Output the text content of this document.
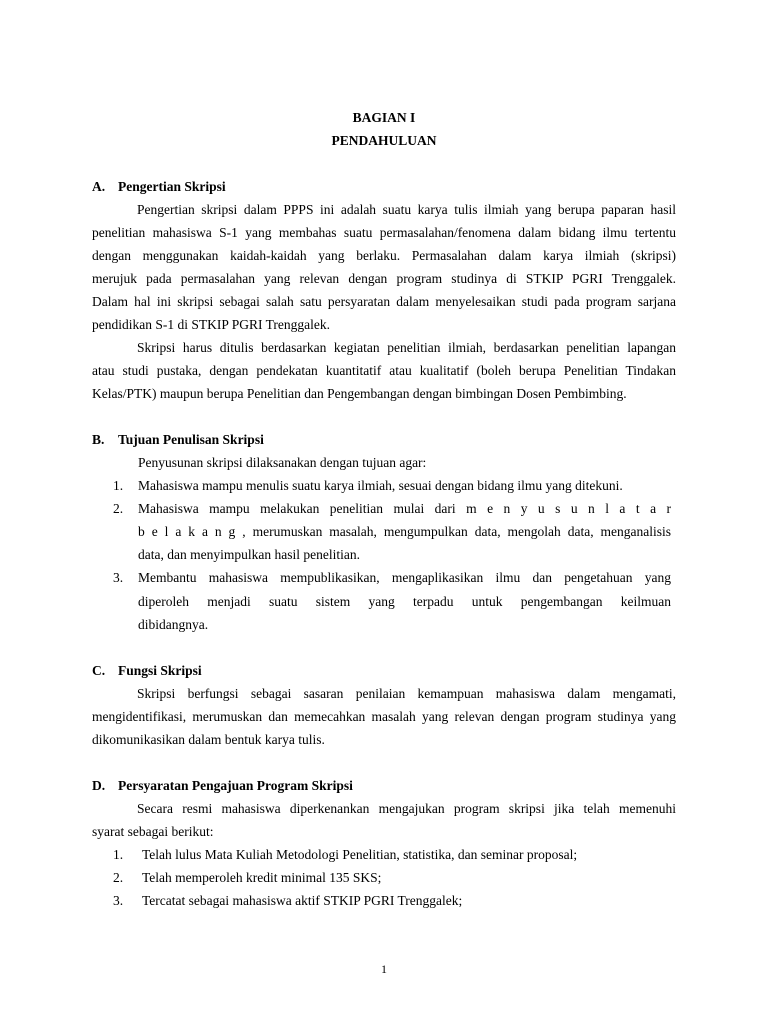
BAGIAN I
PENDAHULUAN
A. Pengertian Skripsi
Pengertian skripsi dalam PPPS ini adalah suatu karya tulis ilmiah yang berupa paparan hasil
penelitian mahasiswa S-1 yang membahas suatu permasalahan/fenomena dalam bidang ilmu tertentu
dengan menggunakan kaidah-kaidah yang berlaku. Permasalahan dalam karya ilmiah (skripsi)
merujuk pada permasalahan yang relevan dengan program studinya di STKIP PGRI Trenggalek.
Dalam hal ini skripsi sebagai salah satu persyaratan dalam menyelesaikan studi pada program sarjana
pendidikan S-1 di STKIP PGRI Trenggalek.
Skripsi harus ditulis berdasarkan kegiatan penelitian ilmiah, berdasarkan penelitian lapangan
atau studi pustaka, dengan pendekatan kuantitatif atau kualitatif (boleh berupa Penelitian Tindakan
Kelas/PTK) maupun berupa Penelitian dan Pengembangan dengan bimbingan Dosen Pembimbing.
B. Tujuan Penulisan Skripsi
Penyusunan skripsi dilaksanakan dengan tujuan agar:
1. Mahasiswa mampu menulis suatu karya ilmiah, sesuai dengan bidang ilmu yang ditekuni.
2. Mahasiswa mampu melakukan penelitian mulai dari m e n y u s u n l a t a r
b e l a k a n g , merumuskan masalah, mengumpulkan data, mengolah data, menganalisis
data, dan menyimpulkan hasil penelitian.
3. Membantu mahasiswa mempublikasikan, mengaplikasikan ilmu dan pengetahuan yang
diperoleh menjadi suatu sistem yang terpadu untuk pengembangan keilmuan
dibidangnya.
C. Fungsi Skripsi
Skripsi berfungsi sebagai sasaran penilaian kemampuan mahasiswa dalam mengamati,
mengidentifikasi, merumuskan dan memecahkan masalah yang relevan dengan program studinya yang
dikomunikasikan dalam bentuk karya tulis.
D. Persyaratan Pengajuan Program Skripsi
Secara resmi mahasiswa diperkenankan mengajukan program skripsi jika telah memenuhi
syarat sebagai berikut:
1. Telah lulus Mata Kuliah Metodologi Penelitian, statistika, dan seminar proposal;
2. Telah memperoleh kredit minimal 135 SKS;
3. Tercatat sebagai mahasiswa aktif STKIP PGRI Trenggalek;
1
